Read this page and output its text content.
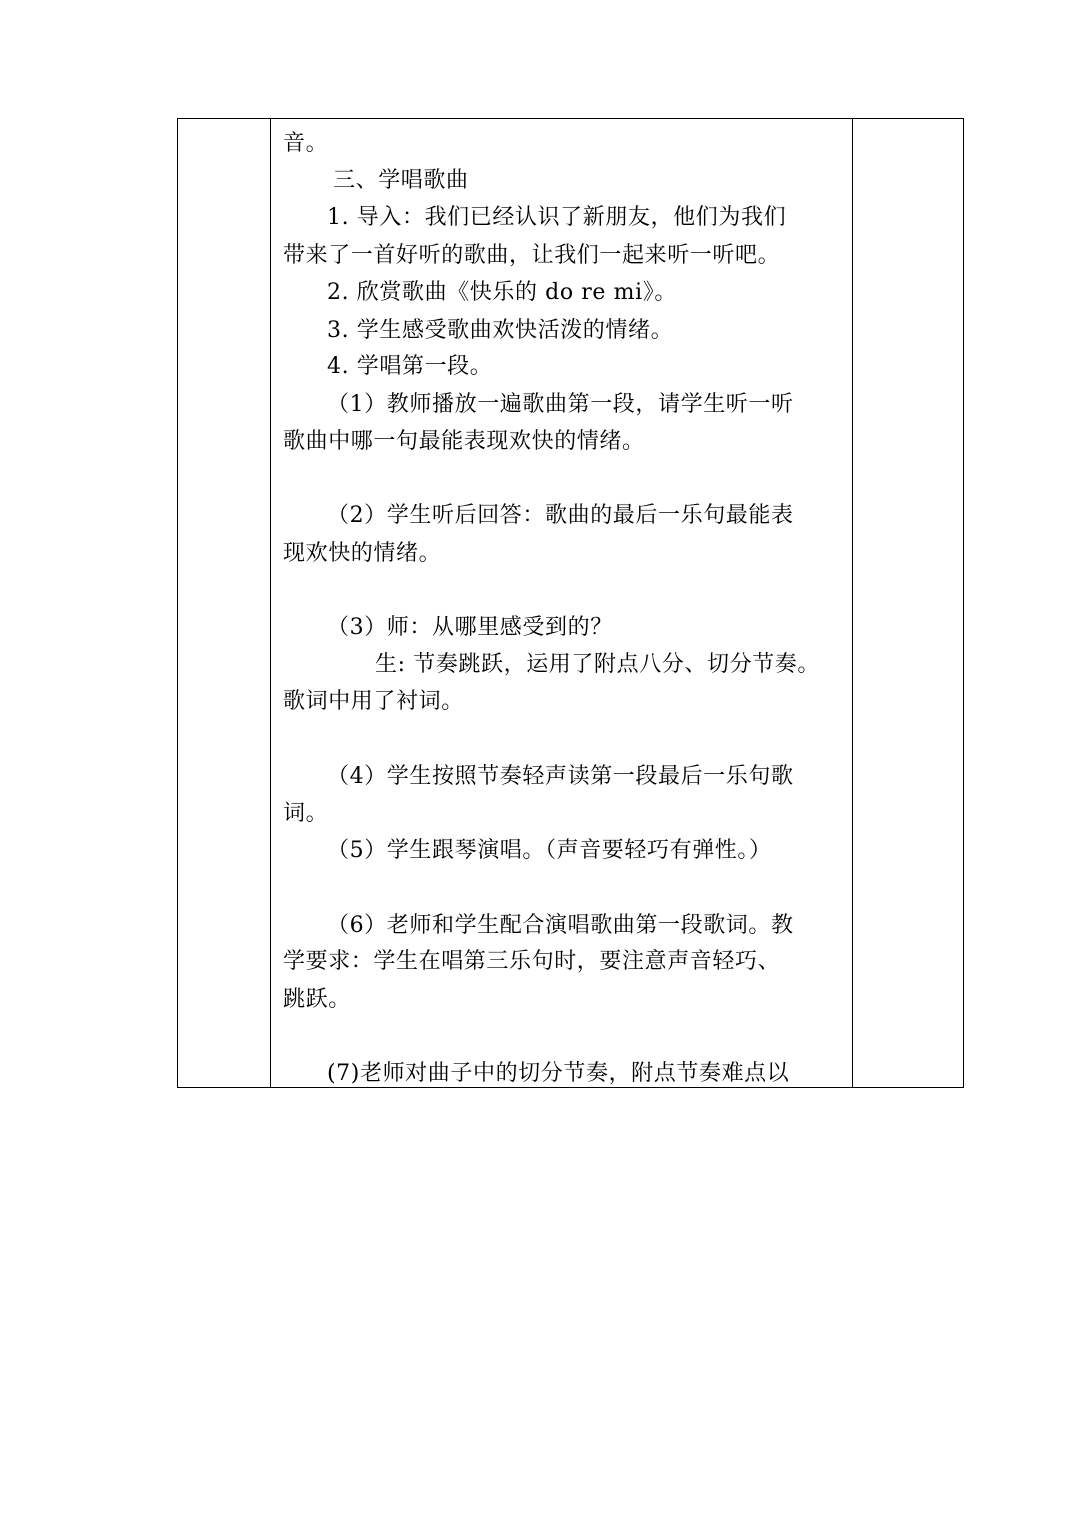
音。
三、学唱歌曲
1. 导入：我们已经认识了新朋友，他们为我们
带来了一首好听的歌曲，让我们一起来听一听吧。
2. 欣赏歌曲《快乐的 do re mi》。
3. 学生感受歌曲欢快活泼的情绪。
4. 学唱第一段。
（1）教师播放一遍歌曲第一段，请学生听一听
歌曲中哪一句最能表现欢快的情绪。
（2）学生听后回答：歌曲的最后一乐句最能表
现欢快的情绪。
（3）师：从哪里感受到的？
生: 节奏跳跃，运用了附点八分、切分节奏。
歌词中用了衬词。
（4）学生按照节奏轻声读第一段最后一乐句歌
词。
（5）学生跟琴演唱。（声音要轻巧有弹性。）
（6）老师和学生配合演唱歌曲第一段歌词。教
学要求：学生在唱第三乐句时，要注意声音轻巧、
跳跃。
(7)老师对曲子中的切分节奏，附点节奏难点以
